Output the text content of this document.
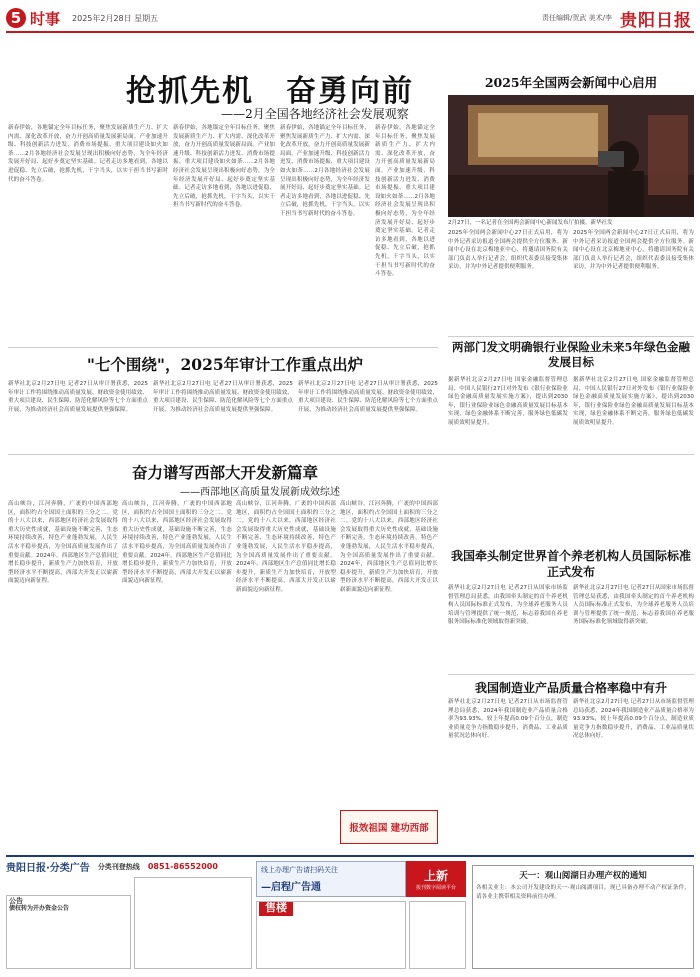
5 时事 2025年2月28日 星期五	责任编辑/贺武 美术/李 贵阳日报
抢抓先机　奋勇向前
——2月全国各地经济社会发展观察
新春伊始，各地锚定全年目标任务，聚焦发展新质生产力、扩大内需、深化改革开放，奋力开创高质量发展新局面。产业加速升级、科技创新活力迸发、消费市场提振、重大项目建设如火如荼……2月各地经济社会发展呈现出积极向好态势，为全年经济发展开好局、起好步奠定坚实基础。记者走访多地看到，各地以进促稳、先立后破，抢抓先机，干字当头，以实干担当书写新时代的奋斗答卷。
新春伊始，各地锚定全年目标任务，聚焦发展新质生产力、扩大内需、深化改革开放，奋力开创高质量发展新局面。产业加速升级、科技创新活力迸发、消费市场提振、重大项目建设如火如荼……2月各地经济社会发展呈现出积极向好态势，为全年经济发展开好局、起好步奠定坚实基础。记者走访多地看到，各地以进促稳、先立后破，抢抓先机，干字当头，以实干担当书写新时代的奋斗答卷。
新春伊始，各地锚定全年目标任务，聚焦发展新质生产力、扩大内需、深化改革开放，奋力开创高质量发展新局面。产业加速升级、科技创新活力迸发、消费市场提振、重大项目建设如火如荼……2月各地经济社会发展呈现出积极向好态势，为全年经济发展开好局、起好步奠定坚实基础。记者走访多地看到，各地以进促稳、先立后破，抢抓先机，干字当头，以实干担当书写新时代的奋斗答卷。
新春伊始，各地锚定全年目标任务，聚焦发展新质生产力、扩大内需、深化改革开放，奋力开创高质量发展新局面。产业加速升级、科技创新活力迸发、消费市场提振、重大项目建设如火如荼……2月各地经济社会发展呈现出积极向好态势，为全年经济发展开好局、起好步奠定坚实基础。记者走访多地看到，各地以进促稳、先立后破，抢抓先机，干字当头，以实干担当书写新时代的奋斗答卷。
2025年全国两会新闻中心启用
2月27日，一名记者在全国两会新闻中心新闻发布厅拍摄。新华社发
2025年全国两会新闻中心27日正式启用，将为中外记者采访报道全国两会提供全方位服务。新闻中心设在北京梅地亚中心，将邀请国务院有关部门负责人举行记者会，组织代表委员接受集体采访，并为中外记者提供便利服务。
2025年全国两会新闻中心27日正式启用，将为中外记者采访报道全国两会提供全方位服务。新闻中心设在北京梅地亚中心，将邀请国务院有关部门负责人举行记者会，组织代表委员接受集体采访，并为中外记者提供便利服务。
两部门发文明确银行业保险业未来5年绿色金融发展目标
据新华社北京2月27日电 国家金融监督管理总局、中国人民银行27日对外发布《银行业保险业绿色金融高质量发展实施方案》，提出到2030年，银行业保险业绿色金融高质量发展目标基本实现，绿色金融体系不断完善，服务绿色低碳发展质效明显提升。
据新华社北京2月27日电 国家金融监督管理总局、中国人民银行27日对外发布《银行业保险业绿色金融高质量发展实施方案》，提出到2030年，银行业保险业绿色金融高质量发展目标基本实现，绿色金融体系不断完善，服务绿色低碳发展质效明显提升。
"七个围绕"，2025年审计工作重点出炉
新华社北京2月27日电 记者27日从审计署获悉，2025年审计工作将围绕推动高质量发展、财政资金使用绩效、重大项目建设、民生保障、防范化解风险等七个方面重点开展，为推动经济社会高质量发展提供坚强保障。
新华社北京2月27日电 记者27日从审计署获悉，2025年审计工作将围绕推动高质量发展、财政资金使用绩效、重大项目建设、民生保障、防范化解风险等七个方面重点开展，为推动经济社会高质量发展提供坚强保障。
新华社北京2月27日电 记者27日从审计署获悉，2025年审计工作将围绕推动高质量发展、财政资金使用绩效、重大项目建设、民生保障、防范化解风险等七个方面重点开展，为推动经济社会高质量发展提供坚强保障。
奋力谱写西部大开发新篇章
——西部地区高质量发展新成效综述
高山峡谷，江河奔腾，广袤的中国西部地区，面积约占全国国土面积的三分之二。党的十八大以来，西部地区经济社会发展取得重大历史性成就，基础设施不断完善，生态环境持续改善，特色产业蓬勃发展，人民生活水平稳步提高，为全国高质量发展作出了重要贡献。2024年，西部地区生产总值同比增长稳步提升，新质生产力加快培育，开放型经济水平不断提高，西部大开发正以崭新面貌迈向新征程。
高山峡谷，江河奔腾，广袤的中国西部地区，面积约占全国国土面积的三分之二。党的十八大以来，西部地区经济社会发展取得重大历史性成就，基础设施不断完善，生态环境持续改善，特色产业蓬勃发展，人民生活水平稳步提高，为全国高质量发展作出了重要贡献。2024年，西部地区生产总值同比增长稳步提升，新质生产力加快培育，开放型经济水平不断提高，西部大开发正以崭新面貌迈向新征程。
高山峡谷，江河奔腾，广袤的中国西部地区，面积约占全国国土面积的三分之二。党的十八大以来，西部地区经济社会发展取得重大历史性成就，基础设施不断完善，生态环境持续改善，特色产业蓬勃发展，人民生活水平稳步提高，为全国高质量发展作出了重要贡献。2024年，西部地区生产总值同比增长稳步提升，新质生产力加快培育，开放型经济水平不断提高，西部大开发正以崭新面貌迈向新征程。
高山峡谷，江河奔腾，广袤的中国西部地区，面积约占全国国土面积的三分之二。党的十八大以来，西部地区经济社会发展取得重大历史性成就，基础设施不断完善，生态环境持续改善，特色产业蓬勃发展，人民生活水平稳步提高，为全国高质量发展作出了重要贡献。2024年，西部地区生产总值同比增长稳步提升，新质生产力加快培育，开放型经济水平不断提高，西部大开发正以崭新面貌迈向新征程。
报效祖国 建功西部
我国牵头制定世界首个养老机构人员国际标准正式发布
新华社北京2月27日电 记者27日从国家市场监督管理总局获悉，由我国牵头制定的首个养老机构人员国际标准正式发布，为全球养老服务人员培训与管理提供了统一规范，标志着我国在养老服务国际标准化领域取得新突破。
新华社北京2月27日电 记者27日从国家市场监督管理总局获悉，由我国牵头制定的首个养老机构人员国际标准正式发布，为全球养老服务人员培训与管理提供了统一规范，标志着我国在养老服务国际标准化领域取得新突破。
我国制造业产品质量合格率稳中有升
新华社北京2月27日电 记者27日从市场监督管理总局获悉，2024年我国制造业产品质量合格率为93.93%，较上年提高0.09个百分点，制造业质量竞争力指数稳步提升，消费品、工业品质量状况总体向好。
新华社北京2月27日电 记者27日从市场监督管理总局获悉，2024年我国制造业产品质量合格率为93.93%，较上年提高0.09个百分点，制造业质量竞争力指数稳步提升，消费品、工业品质量状况总体向好。
贵阳日报·分类广告 分类刊登热线 0851-86552000	线上办理广告请扫码关注
—启程广告通
上新
报刊数字阅读平台
公告
债权转为开办资金公告	售楼
天一：观山阅湖日办理产权的通知
各相关业主：本公司开发建设的天一·观山阅湖项目，现已具备办理不动产权证条件，请各业主携带相关资料前往办理。
